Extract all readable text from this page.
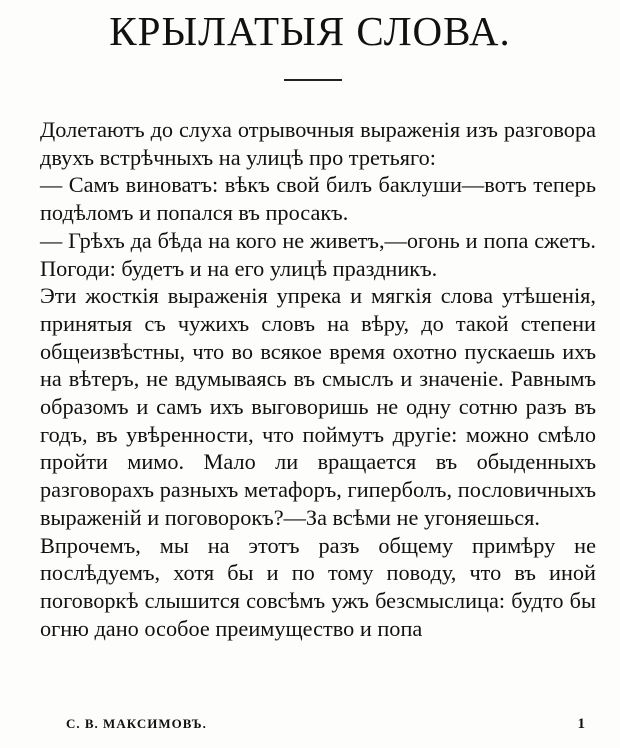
КРЫЛАТЫЯ СЛОВА.

Долетаютъ до слуха отрывочныя выраженія изъ разговора двухъ встрѣчныхъ на улицѣ про третьяго:

— Самъ виноватъ: вѣкъ свой билъ баклуши—вотъ теперь подѣломъ и попался въ просакъ.

— Грѣхъ да бѣда на кого не живетъ,—огонь и попа сжетъ. Погоди: будетъ и на его улицѣ праздникъ.

Эти жосткія выраженія упрека и мягкія слова утѣшенія, принятыя съ чужихъ словъ на вѣру, до такой степени общеизвѣстны, что во всякое время охотно пускаешь ихъ на вѣтеръ, не вдумываясь въ смыслъ и значеніе. Равнымъ образомъ и самъ ихъ выговоришь не одну сотню разъ въ годъ, въ увѣренности, что поймутъ другіе: можно смѣло пройти мимо. Мало ли вращается въ обыденныхъ разговорахъ разныхъ метафоръ, гиперболъ, пословичныхъ выраженій и поговорокъ?—За всѣми не угоняешься.

Впрочемъ, мы на этотъ разъ общему примѣру не послѣдуемъ, хотя бы и по тому поводу, что въ иной поговоркѣ слышится совсѣмъ ужъ безсмыслица: будто бы огню дано особое преимущество и попа

С. В. МАКСИМОВЪ.	1
